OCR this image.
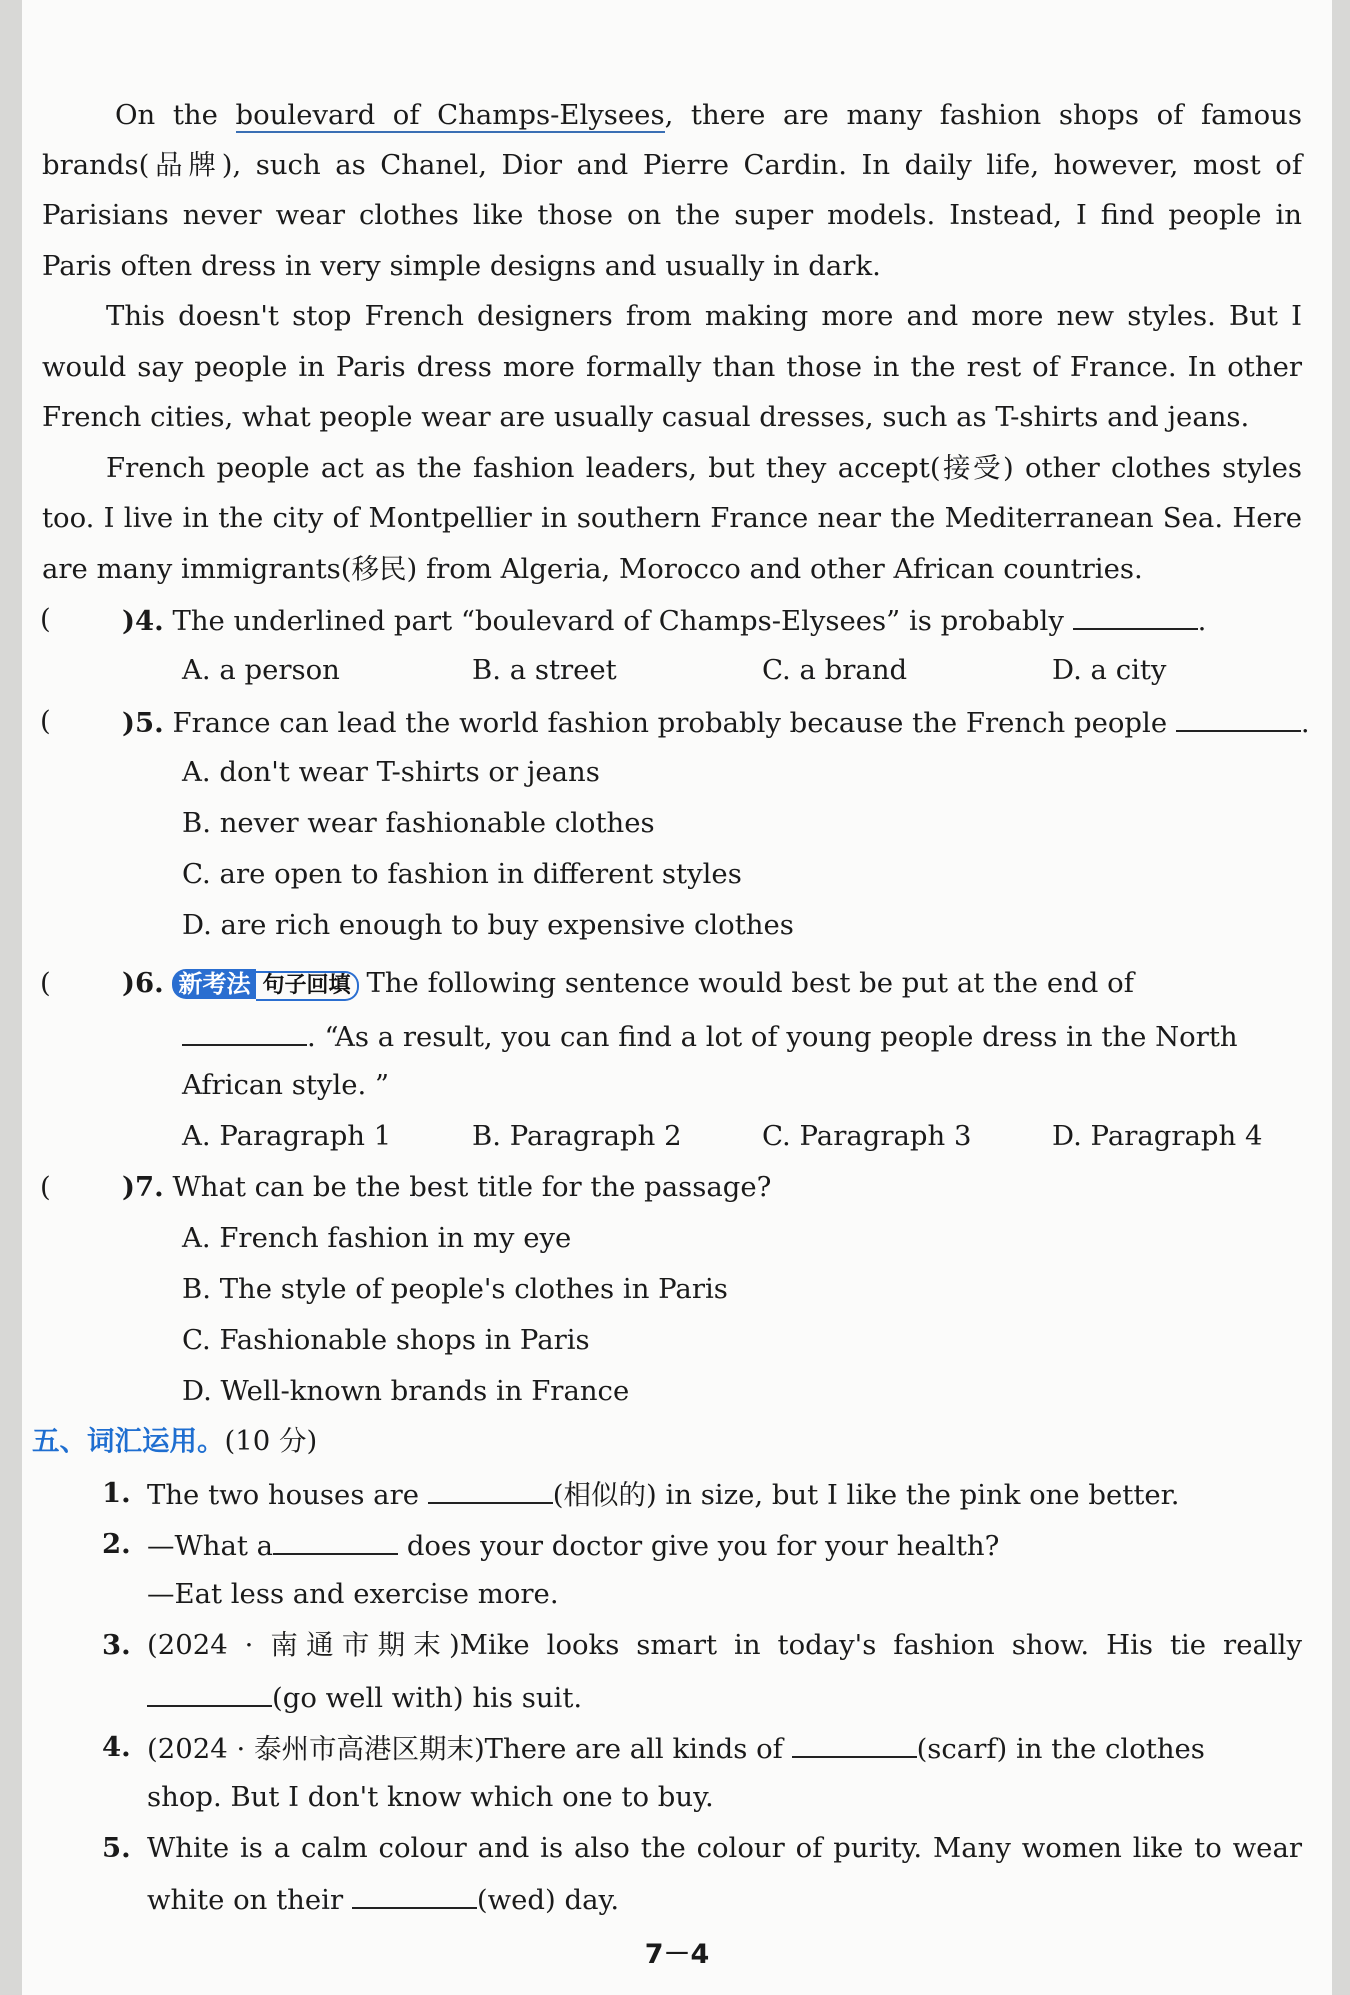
On the boulevard of Champs-Elysees, there are many fashion shops of famous
brands(品牌), such as Chanel, Dior and Pierre Cardin. In daily life, however, most of
Parisians never wear clothes like those on the super models. Instead, I find people in
Paris often dress in very simple designs and usually in dark.
This doesn't stop French designers from making more and more new styles. But I
would say people in Paris dress more formally than those in the rest of France. In other
French cities, what people wear are usually casual dresses, such as T-shirts and jeans.
French people act as the fashion leaders, but they accept(接受) other clothes styles
too. I live in the city of Montpellier in southern France near the Mediterranean Sea. Here
are many immigrants(移民) from Algeria, Morocco and other African countries.
(	)4. The underlined part “boulevard of Champs-Elysees” is probably	.
A. a person	B. a street	C. a brand	D. a city
(	)5. France can lead the world fashion probably because the French people	.
A. don't wear T-shirts or jeans
B. never wear fashionable clothes
C. are open to fashion in different styles
D. are rich enough to buy expensive clothes
(	)6. 新考法 句子回填 The following sentence would best be put at the end of
. “As a result, you can find a lot of young people dress in the North
African style. ”
A. Paragraph 1	B. Paragraph 2	C. Paragraph 3	D. Paragraph 4
(	)7. What can be the best title for the passage?
A. French fashion in my eye
B. The style of people's clothes in Paris
C. Fashionable shops in Paris
D. Well-known brands in France
五、词汇运用。(10 分)
1. The two houses are	(相似的) in size, but I like the pink one better.
2. —What a	does your doctor give you for your health?
—Eat less and exercise more.
3. (2024 · 南通市期末)Mike looks smart in today's fashion show. His tie really
(go well with) his suit.
4. (2024 · 泰州市高港区期末)There are all kinds of	(scarf) in the clothes
shop. But I don't know which one to buy.
5. White is a calm colour and is also the colour of purity. Many women like to wear
white on their	(wed) day.
7－4
